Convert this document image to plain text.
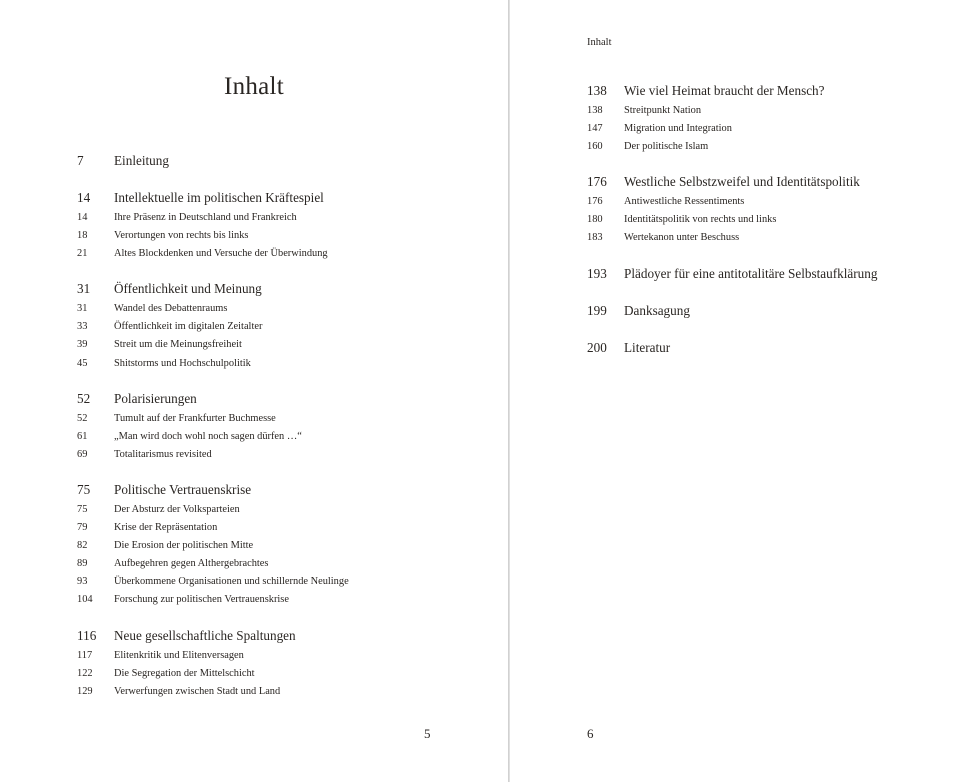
Inhalt
7	Einleitung
14	Intellektuelle im politischen Kräftespiel
14	Ihre Präsenz in Deutschland und Frankreich
18	Verortungen von rechts bis links
21	Altes Blockdenken und Versuche der Überwindung
31	Öffentlichkeit und Meinung
31	Wandel des Debattenraums
33	Öffentlichkeit im digitalen Zeitalter
39	Streit um die Meinungsfreiheit
45	Shitstorms und Hochschulpolitik
52	Polarisierungen
52	Tumult auf der Frankfurter Buchmesse
61	„Man wird doch wohl noch sagen dürfen …“
69	Totalitarismus revisited
75	Politische Vertrauenskrise
75	Der Absturz der Volksparteien
79	Krise der Repräsentation
82	Die Erosion der politischen Mitte
89	Aufbegehren gegen Althergebrachtes
93	Überkommene Organisationen und schillernde Neulinge
104	Forschung zur politischen Vertrauenskrise
116	Neue gesellschaftliche Spaltungen
117	Elitenkritik und Elitenversagen
122	Die Segregation der Mittelschicht
129	Verwerfungen zwischen Stadt und Land
5
Inhalt
138	Wie viel Heimat braucht der Mensch?
138	Streitpunkt Nation
147	Migration und Integration
160	Der politische Islam
176	Westliche Selbstzweifel und Identitätspolitik
176	Antiwestliche Ressentiments
180	Identitätspolitik von rechts und links
183	Wertekanon unter Beschuss
193	Plädoyer für eine antitotalitäre Selbstaufklärung
199	Danksagung
200	Literatur
6
